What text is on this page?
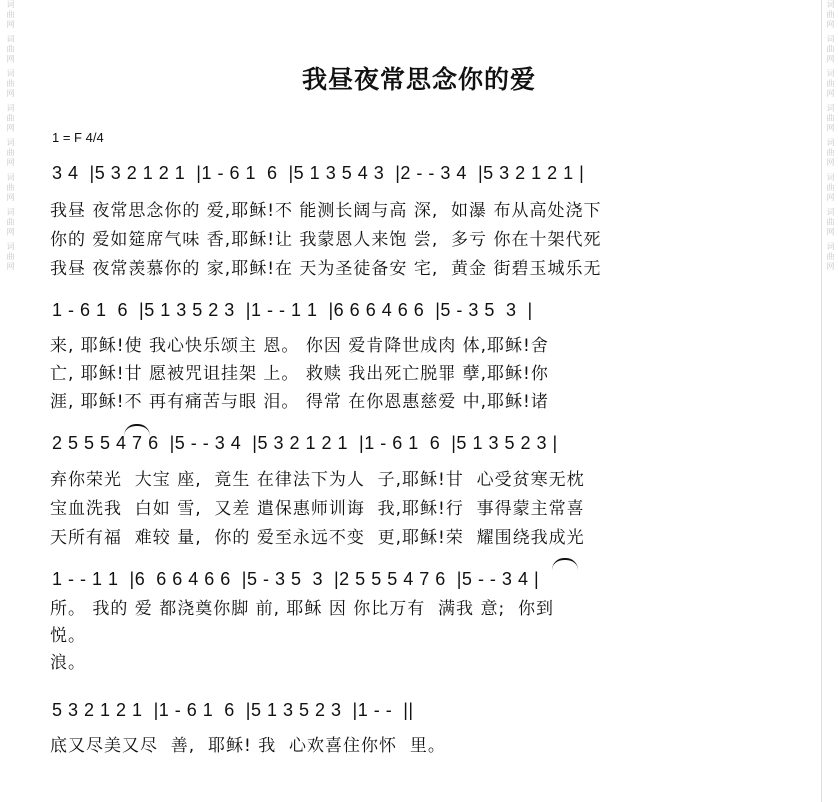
词曲网 词曲网 词曲网 词曲网 词曲网 词曲网 词曲网 词曲网	词曲网 词曲网 词曲网 词曲网 词曲网 词曲网 词曲网 词曲网
我昼夜常思念你的爱
1 = F 4/4
3 4  |5 3 2 1 2 1  |1 - 6 1  6  |5 1 3 5 4 3  |2 - - 3 4  |5 3 2 1 2 1 |
我昼 夜常思念你的 爱,耶稣!不 能测长阔与高 深,  如瀑 布从高处浇下
你的 爱如筵席气味 香,耶稣!让 我蒙恩人来饱 尝,  多亏 你在十架代死
我昼 夜常羡慕你的 家,耶稣!在 天为圣徒备安 宅,  黄金 街碧玉城乐无
1 - 6 1  6  |5 1 3 5 2 3  |1 - - 1 1  |6 6 6 4 6 6  |5 - 3 5  3  |
来, 耶稣!使 我心快乐颂主 恩。 你因 爱肯降世成肉 体,耶稣!舍
亡, 耶稣!甘 愿被咒诅挂架 上。 救赎 我出死亡脱罪 孽,耶稣!你
涯, 耶稣!不 再有痛苦与眼 泪。 得常 在你恩惠慈爱 中,耶稣!诸
2 5 5 5 4 7 6  |5 - - 3 4  |5 3 2 1 2 1  |1 - 6 1  6  |5 1 3 5 2 3 |
弃你荣光  大宝 座,  竟生 在律法下为人  子,耶稣!甘  心受贫寒无枕
宝血洗我  白如 雪,  又差 遣保惠师训诲  我,耶稣!行  事得蒙主常喜
天所有福  难较 量,  你的 爱至永远不变  更,耶稣!荣  耀围绕我成光
1 - - 1 1  |6  6 6 4 6 6  |5 - 3 5  3  |2 5 5 5 4 7 6  |5 - - 3 4 |
所。 我的 爱 都浇奠你脚 前, 耶稣 因 你比万有  满我 意;  你到
悦。
浪。
5 3 2 1 2 1  |1 - 6 1  6  |5 1 3 5 2 3  |1 - -  ||
底又尽美又尽  善,  耶稣! 我  心欢喜住你怀  里。
